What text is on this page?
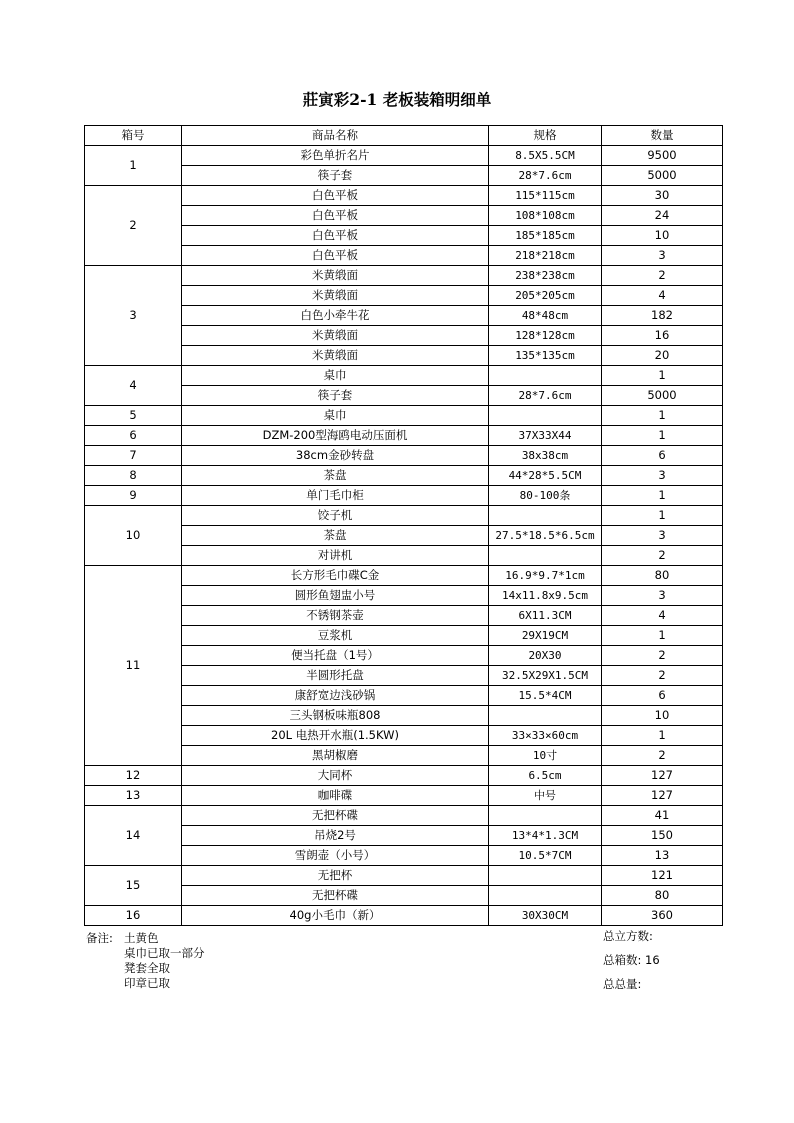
莊寅彩2-1 老板装箱明细单
箱号	商品名称	规格	数量
1	彩色单折名片	8.5X5.5CM	9500
	筷子套	28*7.6cm	5000
2	白色平板	115*115cm	30
	白色平板	108*108cm	24
	白色平板	185*185cm	10
	白色平板	218*218cm	3
3	米黄缎面	238*238cm	2
	米黄缎面	205*205cm	4
	白色小牵牛花	48*48cm	182
	米黄缎面	128*128cm	16
	米黄缎面	135*135cm	20
4	桌巾		1
	筷子套	28*7.6cm	5000
5	桌巾		1
6	DZM-200型海鸥电动压面机	37X33X44	1
7	38cm金砂转盘	38x38cm	6
8	茶盘	44*28*5.5CM	3
9	单门毛巾柜	80-100条	1
10	饺子机		1
	茶盘	27.5*18.5*6.5cm	3
	对讲机		2
11	长方形毛巾碟C金	16.9*9.7*1cm	80
	圆形鱼翅盅小号	14x11.8x9.5cm	3
	不锈钢茶壶	6X11.3CM	4
	豆浆机	29X19CM	1
	便当托盘（1号）	20X30	2
	半圆形托盘	32.5X29X1.5CM	2
	康舒宽边浅砂锅	15.5*4CM	6
	三头钢板味瓶808		10
	20L 电热开水瓶(1.5KW)	33×33×60cm	1
	黑胡椒磨	10寸	2
12	大同杯	6.5cm	127
13	咖啡碟	中号	127
14	无把杯碟		41
	吊烧2号	13*4*1.3CM	150
	雪朗壶（小号）	10.5*7CM	13
15	无把杯		121
	无把杯碟		80
16	40g小毛巾（新）	30X30CM	360
备注: 土黄色
桌巾已取一部分
凳套全取
印章已取
总立方数:
总箱数: 16
总总量:
